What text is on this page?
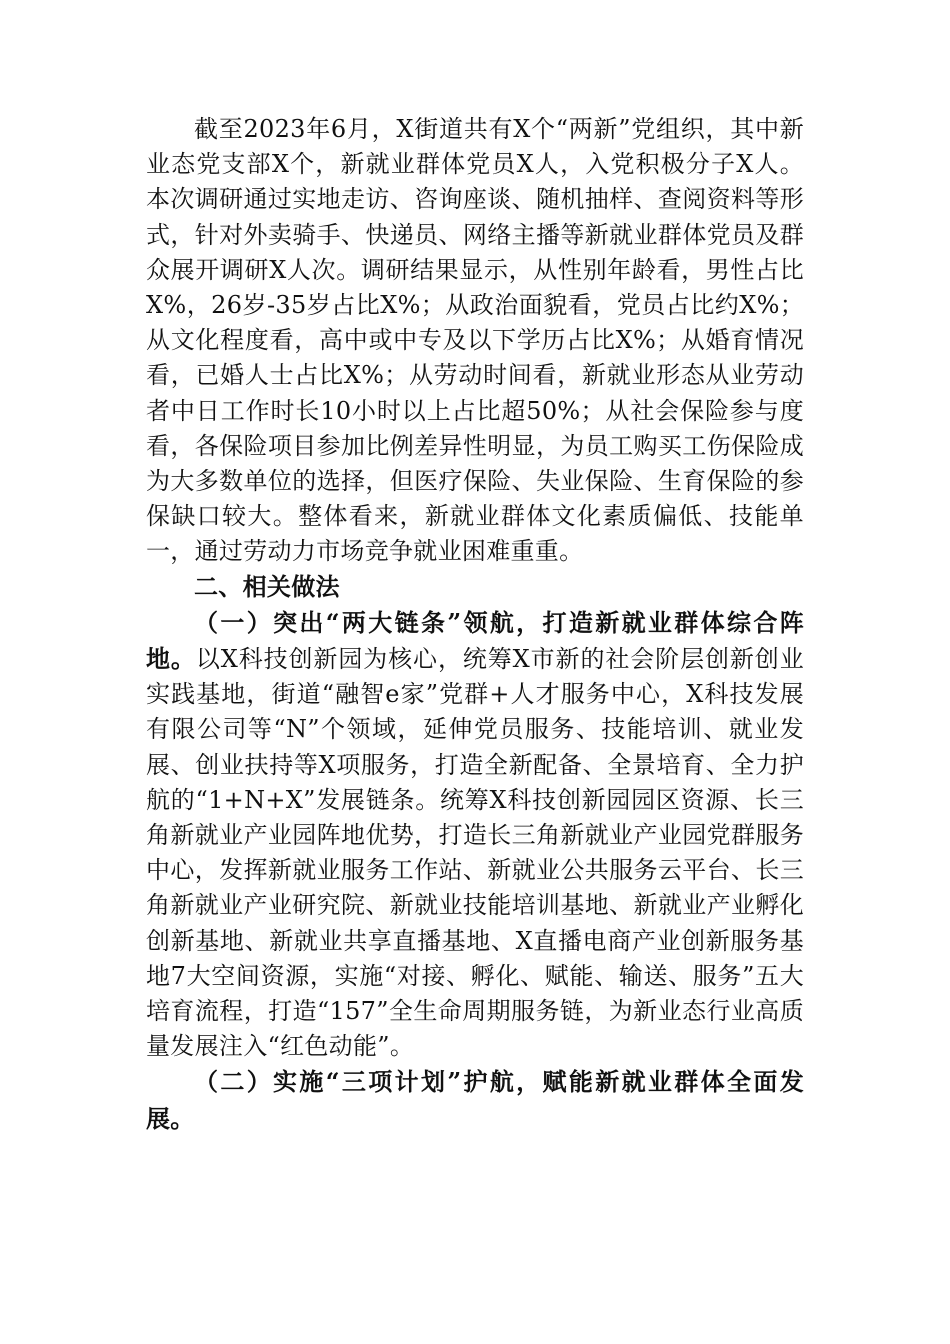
截至2023年6月，X街道共有X个“两新”党组织，其中新业态党支部X个，新就业群体党员X人，入党积极分子X人。本次调研通过实地走访、咨询座谈、随机抽样、查阅资料等形式，针对外卖骑手、快递员、网络主播等新就业群体党员及群众展开调研X人次。调研结果显示，从性别年龄看，男性占比X%，26岁-35岁占比X%；从政治面貌看，党员占比约X%；从文化程度看，高中或中专及以下学历占比X%；从婚育情况看，已婚人士占比X%；从劳动时间看，新就业形态从业劳动者中日工作时长10小时以上占比超50%；从社会保险参与度看，各保险项目参加比例差异性明显，为员工购买工伤保险成为大多数单位的选择，但医疗保险、失业保险、生育保险的参保缺口较大。整体看来，新就业群体文化素质偏低、技能单一，通过劳动力市场竞争就业困难重重。

二、相关做法

（一）突出“两大链条”领航，打造新就业群体综合阵地。以X科技创新园为核心，统筹X市新的社会阶层创新创业实践基地，街道“融智e家”党群+人才服务中心，X科技发展有限公司等“N”个领域，延伸党员服务、技能培训、就业发展、创业扶持等X项服务，打造全新配备、全景培育、全力护航的“1+N+X”发展链条。统筹X科技创新园园区资源、长三角新就业产业园阵地优势，打造长三角新就业产业园党群服务中心，发挥新就业服务工作站、新就业公共服务云平台、长三角新就业产业研究院、新就业技能培训基地、新就业产业孵化创新基地、新就业共享直播基地、X直播电商产业创新服务基地7大空间资源，实施“对接、孵化、赋能、输送、服务”五大培育流程，打造“157”全生命周期服务链，为新业态行业高质量发展注入“红色动能”。

（二）实施“三项计划”护航，赋能新就业群体全面发展。
